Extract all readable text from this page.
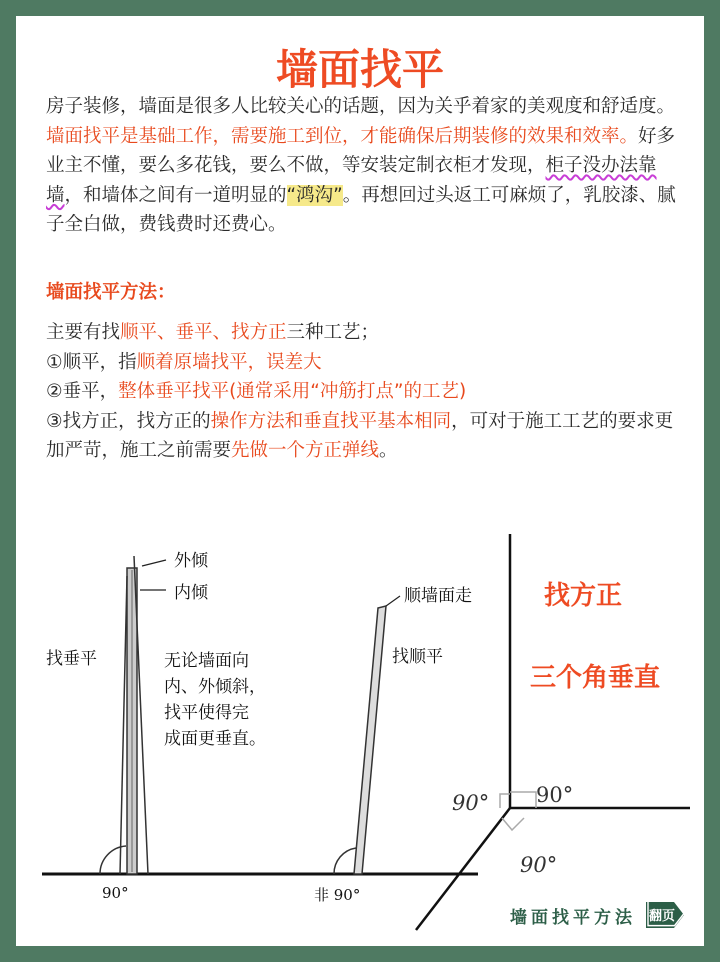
墙面找平
房子装修，墙面是很多人比较关心的话题，因为关乎着家的美观度和舒适度。墙面找平是基础工作，需要施工到位，才能确保后期装修的效果和效率。好多业主不懂，要么多花钱，要么不做，等安装定制衣柜才发现，柜子没办法靠墙，和墙体之间有一道明显的“鸿沟”。再想回过头返工可麻烦了，乳胶漆、腻子全白做，费钱费时还费心。
墙面找平方法：
主要有找顺平、垂平、找方正三种工艺；
①顺平，指顺着原墙找平，误差大
②垂平，整体垂平找平(通常采用“冲筋打点”的工艺)
③找方正，找方正的操作方法和垂直找平基本相同，可对于施工工艺的要求更加严苛，施工之前需要先做一个方正弹线。
外倾
内倾
找垂平	无论墙面向
内、外倾斜，
找平使得完
成面更垂直。
90°
顺墙面走
找顺平
非 90°
找方正
三个角垂直
90° 90°
90°
墙面找平方法 翻页
